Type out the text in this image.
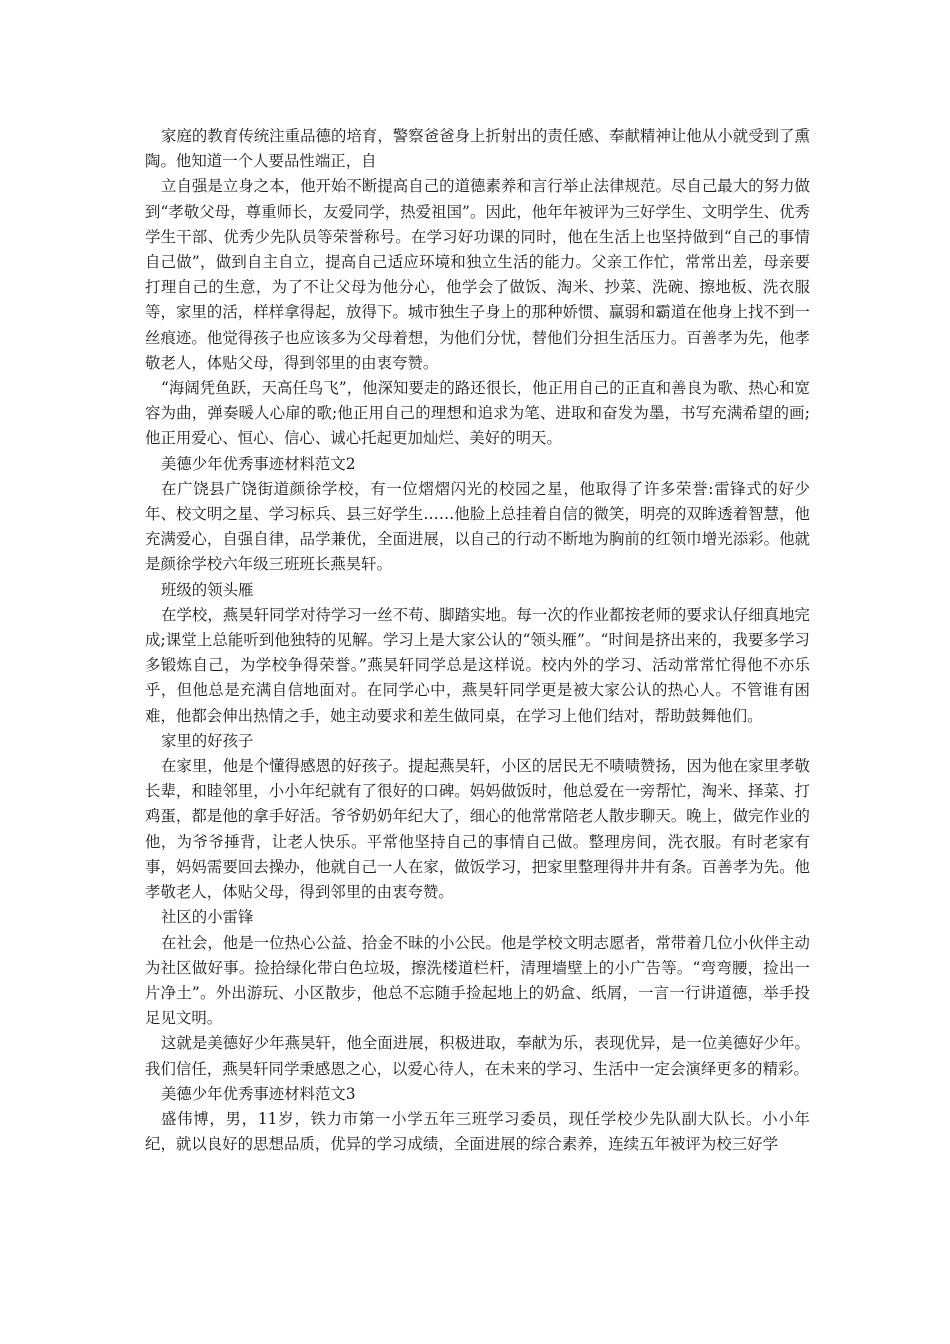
家庭的教育传统注重品德的培育，警察爸爸身上折射出的责任感、奉献精神让他从小就受到了熏陶。他知道一个人要品性端正，自

立自强是立身之本，他开始不断提高自己的道德素养和言行举止法律规范。尽自己最大的努力做到“孝敬父母，尊重师长，友爱同学，热爱祖国”。因此，他年年被评为三好学生、文明学生、优秀学生干部、优秀少先队员等荣誉称号。在学习好功课的同时，他在生活上也坚持做到“自己的事情自己做”，做到自主自立，提高自己适应环境和独立生活的能力。父亲工作忙，常常出差，母亲要打理自己的生意，为了不让父母为他分心，他学会了做饭、淘米、抄菜、洗碗、擦地板、洗衣服等，家里的活，样样拿得起，放得下。城市独生子身上的那种娇惯、赢弱和霸道在他身上找不到一丝痕迹。他觉得孩子也应该多为父母着想，为他们分忧，替他们分担生活压力。百善孝为先，他孝敬老人，体贴父母，得到邻里的由衷夸赞。

“海阔凭鱼跃，天高任鸟飞”，他深知要走的路还很长，他正用自己的正直和善良为歌、热心和宽容为曲，弹奏暖人心扉的歌;他正用自己的理想和追求为笔、进取和奋发为墨，书写充满希望的画;他正用爱心、恒心、信心、诚心托起更加灿烂、美好的明天。

美德少年优秀事迹材料范文2

在广饶县广饶街道颜徐学校，有一位熠熠闪光的校园之星，他取得了许多荣誉:雷锋式的好少年、校文明之星、学习标兵、县三好学生……他脸上总挂着自信的微笑，明亮的双眸透着智慧，他充满爱心，自强自律，品学兼优，全面进展，以自己的行动不断地为胸前的红领巾增光添彩。他就是颜徐学校六年级三班班长燕昊轩。

班级的领头雁

在学校，燕昊轩同学对待学习一丝不苟、脚踏实地。每一次的作业都按老师的要求认仔细真地完成;课堂上总能听到他独特的见解。学习上是大家公认的“领头雁”。“时间是挤出来的，我要多学习多锻炼自己，为学校争得荣誉。”燕昊轩同学总是这样说。校内外的学习、活动常常忙得他不亦乐乎，但他总是充满自信地面对。在同学心中，燕昊轩同学更是被大家公认的热心人。不管谁有困难，他都会伸出热情之手，她主动要求和差生做同桌，在学习上他们结对，帮助鼓舞他们。

家里的好孩子

在家里，他是个懂得感恩的好孩子。提起燕昊轩，小区的居民无不啧啧赞扬，因为他在家里孝敬长辈，和睦邻里，小小年纪就有了很好的口碑。妈妈做饭时，他总爱在一旁帮忙，淘米、择菜、打鸡蛋，都是他的拿手好活。爷爷奶奶年纪大了，细心的他常常陪老人散步聊天。晚上，做完作业的他，为爷爷捶背，让老人快乐。平常他坚持自己的事情自己做。整理房间，洗衣服。有时老家有事，妈妈需要回去操办，他就自己一人在家，做饭学习，把家里整理得井井有条。百善孝为先。他孝敬老人，体贴父母，得到邻里的由衷夸赞。

社区的小雷锋

在社会，他是一位热心公益、拾金不昧的小公民。他是学校文明志愿者，常带着几位小伙伴主动为社区做好事。捡拾绿化带白色垃圾，擦洗楼道栏杆，清理墙壁上的小广告等。“弯弯腰，捡出一片净土”。外出游玩、小区散步，他总不忘随手捡起地上的奶盒、纸屑，一言一行讲道德，举手投足见文明。

这就是美德好少年燕昊轩，他全面进展，积极进取，奉献为乐，表现优异，是一位美德好少年。我们信任，燕昊轩同学秉感恩之心，以爱心待人，在未来的学习、生活中一定会演绎更多的精彩。

美德少年优秀事迹材料范文3

盛伟博，男，11岁，铁力市第一小学五年三班学习委员，现任学校少先队副大队长。小小年纪，就以良好的思想品质，优异的学习成绩，全面进展的综合素养，连续五年被评为校三好学
